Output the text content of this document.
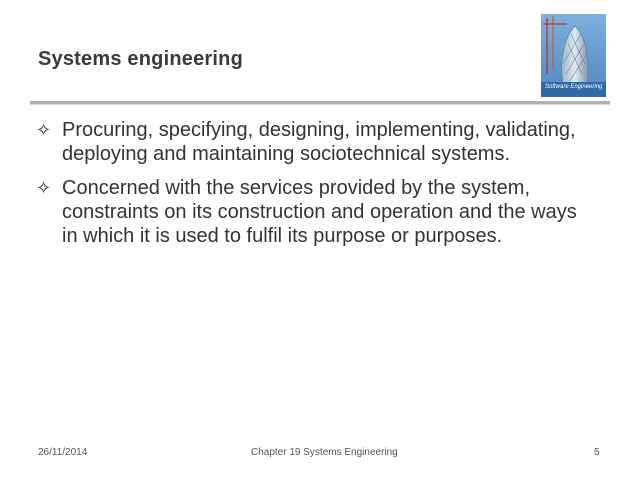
Systems engineering
Software Engineering
✧ Procuring, specifying, designing, implementing, validating, deploying and maintaining sociotechnical systems.
✧ Concerned with the services provided by the system, constraints on its construction and operation and the ways in which it is used to fulfil its purpose or purposes.
26/11/2014	Chapter 19 Systems Engineering	5
